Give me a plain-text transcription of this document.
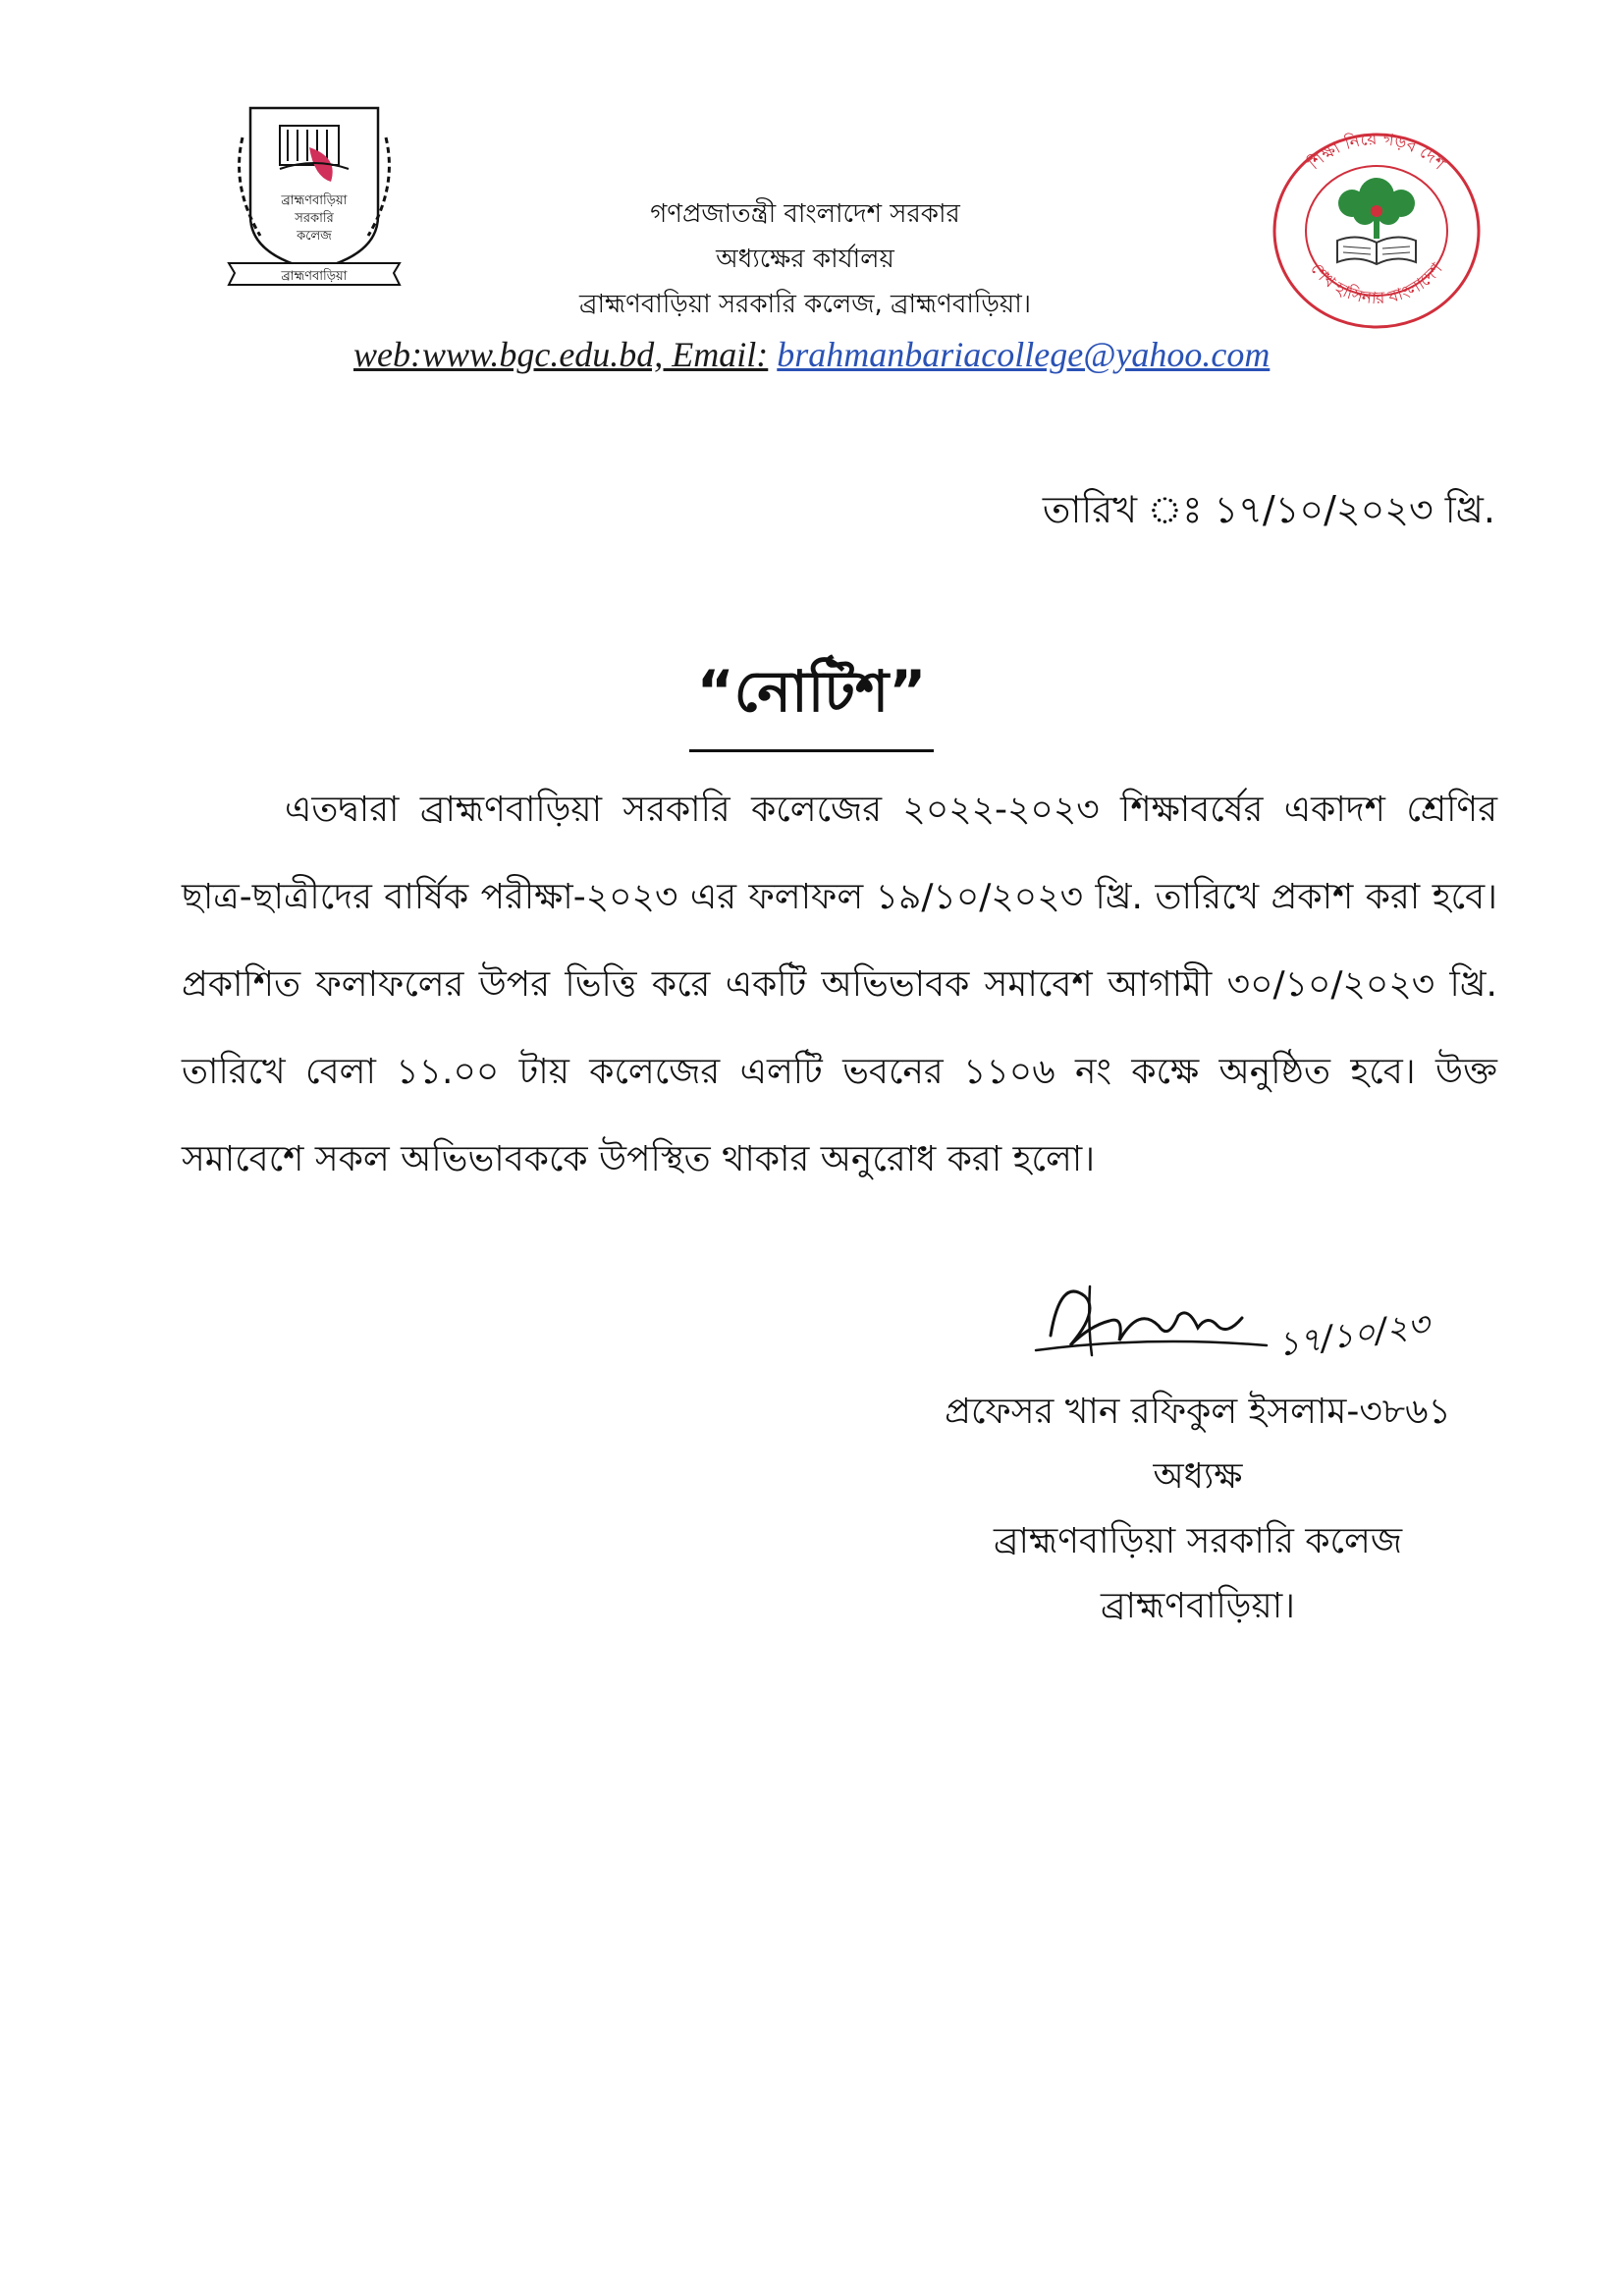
ব্রাহ্মণবাড়িয়া
সরকারি
কলেজ
ব্রাহ্মণবাড়িয়া
শিক্ষা নিয়ে গড়ব দেশ
শেখ হাসিনার বাংলাদেশ
গণপ্রজাতন্ত্রী বাংলাদেশ সরকার
অধ্যক্ষের কার্যালয়
ব্রাহ্মণবাড়িয়া সরকারি কলেজ, ব্রাহ্মণবাড়িয়া।
web:www.bgc.edu.bd, Email: brahmanbariacollege@yahoo.com
তারিখ ঃ ১৭/১০/২০২৩ খ্রি.
“নোটিশ”

এতদ্বারা ব্রাহ্মণবাড়িয়া সরকারি কলেজের ২০২২-২০২৩ শিক্ষাবর্ষের একাদশ শ্রেণির ছাত্র-ছাত্রীদের বার্ষিক পরীক্ষা-২০২৩ এর ফলাফল ১৯/১০/২০২৩ খ্রি. তারিখে প্রকাশ করা হবে। প্রকাশিত ফলাফলের উপর ভিত্তি করে একটি অভিভাবক সমাবেশ আগামী ৩০/১০/২০২৩ খ্রি. তারিখে বেলা ১১.০০ টায় কলেজের এলটি ভবনের ১১০৬ নং কক্ষে অনুষ্ঠিত হবে। উক্ত সমাবেশে সকল অভিভাবককে উপস্থিত থাকার অনুরোধ করা হলো।

১৭/১০/২৩
প্রফেসর খান রফিকুল ইসলাম-৩৮৬১
অধ্যক্ষ
ব্রাহ্মণবাড়িয়া সরকারি কলেজ
ব্রাহ্মণবাড়িয়া।
